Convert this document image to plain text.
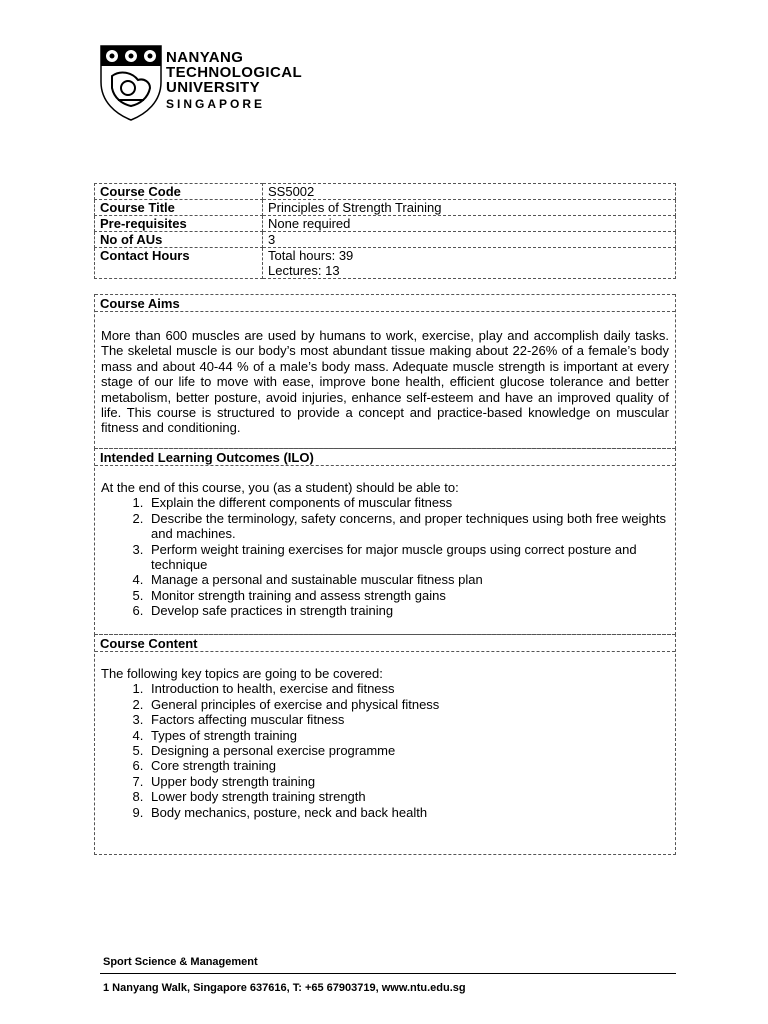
NANYANG
TECHNOLOGICAL
UNIVERSITY
SINGAPORE
Course Code	SS5002

Course Title	Principles of Strength Training

Pre-requisites	None required

No of AUs	3

Contact Hours	Total hours: 39
Lectures: 13
Course Aims

More than 600 muscles are used by humans to work, exercise, play and accomplish daily tasks. The skeletal muscle is our body’s most abundant tissue making about 22-26% of a female’s body mass and about 40-44 % of a male’s body mass. Adequate muscle strength is important at every stage of our life to move with ease, improve bone health, efficient glucose tolerance and better metabolism, better posture, avoid injuries, enhance self-esteem and have an improved quality of life. This course is structured to provide a concept and practice-based knowledge on muscular fitness and conditioning.

Intended Learning Outcomes (ILO)
At the end of this course, you (as a student) should be able to:
1. Explain the different components of muscular fitness
2. Describe the terminology, safety concerns, and proper techniques using both free weights and machines.
3. Perform weight training exercises for major muscle groups using correct posture and technique
4. Manage a personal and sustainable muscular fitness plan
5. Monitor strength training and assess strength gains
6. Develop safe practices in strength training
Course Content
The following key topics are going to be covered:
1. Introduction to health, exercise and fitness
2. General principles of exercise and physical fitness
3. Factors affecting muscular fitness
4. Types of strength training
5. Designing a personal exercise programme
6. Core strength training
7. Upper body strength training
8. Lower body strength training strength
9. Body mechanics, posture, neck and back health
Sport Science & Management
1 Nanyang Walk, Singapore 637616, T: +65 67903719, www.ntu.edu.sg
